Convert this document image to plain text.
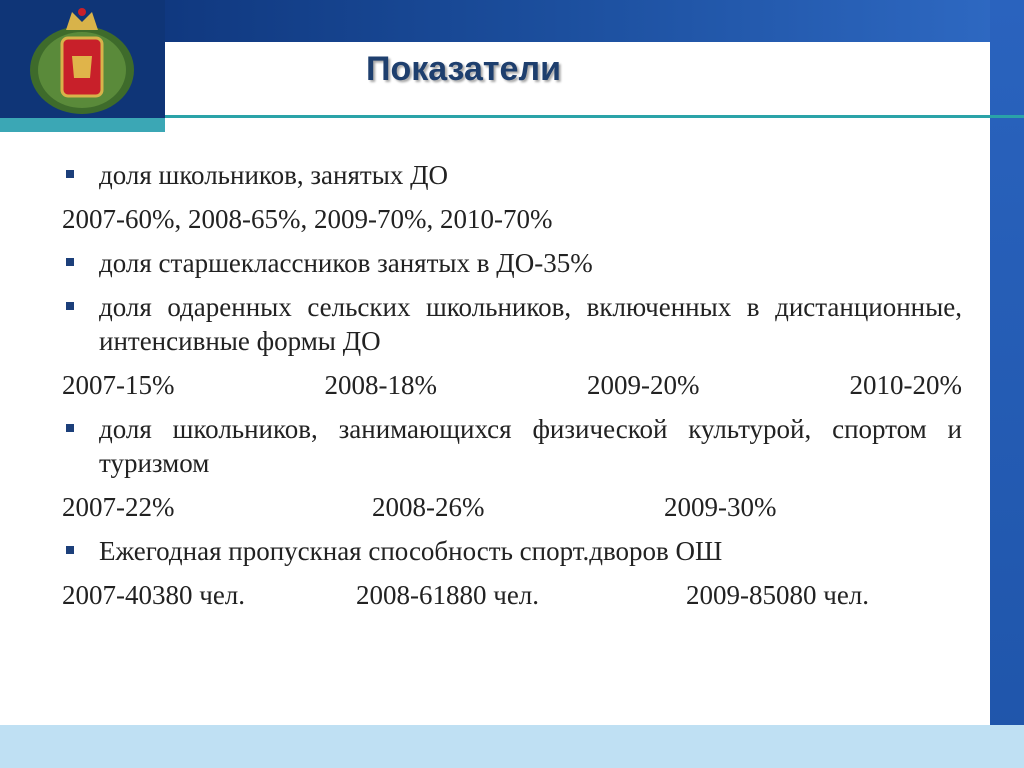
Показатели
доля школьников, занятых ДО
2007-60%, 2008-65%, 2009-70%, 2010-70%
доля старшеклассников занятых в ДО-35%
доля одаренных сельских школьников, включенных в дистанционные, интенсивные формы ДО
2007-15%	2008-18%	2009-20%	2010-20%
доля школьников, занимающихся физической культурой, спортом и туризмом
2007-22%	2008-26%	2009-30%
Ежегодная пропускная способность спорт.дворов ОШ
2007-40380 чел.	2008-61880 чел.	2009-85080 чел.
